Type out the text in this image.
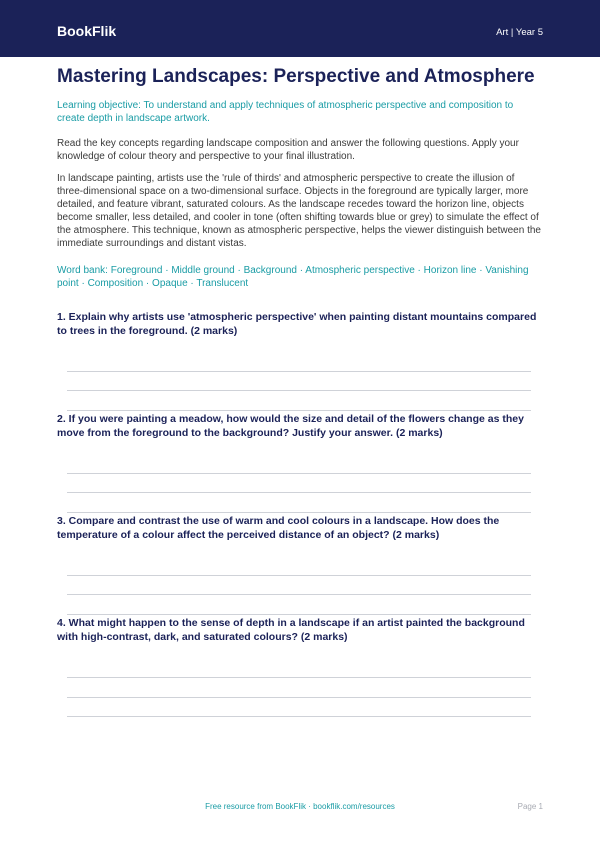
BookFlik	Art | Year 5
Mastering Landscapes: Perspective and Atmosphere
Learning objective: To understand and apply techniques of atmospheric perspective and composition to create depth in landscape artwork.
Read the key concepts regarding landscape composition and answer the following questions. Apply your knowledge of colour theory and perspective to your final illustration.
In landscape painting, artists use the 'rule of thirds' and atmospheric perspective to create the illusion of three-dimensional space on a two-dimensional surface. Objects in the foreground are typically larger, more detailed, and feature vibrant, saturated colours. As the landscape recedes toward the horizon line, objects become smaller, less detailed, and cooler in tone (often shifting towards blue or grey) to simulate the effect of the atmosphere. This technique, known as atmospheric perspective, helps the viewer distinguish between the immediate surroundings and distant vistas.
Word bank: Foreground · Middle ground · Background · Atmospheric perspective · Horizon line · Vanishing point · Composition · Opaque · Translucent
1. Explain why artists use 'atmospheric perspective' when painting distant mountains compared to trees in the foreground. (2 marks)
2. If you were painting a meadow, how would the size and detail of the flowers change as they move from the foreground to the background? Justify your answer. (2 marks)
3. Compare and contrast the use of warm and cool colours in a landscape. How does the temperature of a colour affect the perceived distance of an object? (2 marks)
4. What might happen to the sense of depth in a landscape if an artist painted the background with high-contrast, dark, and saturated colours? (2 marks)
Free resource from BookFlik · bookflik.com/resources	Page 1
